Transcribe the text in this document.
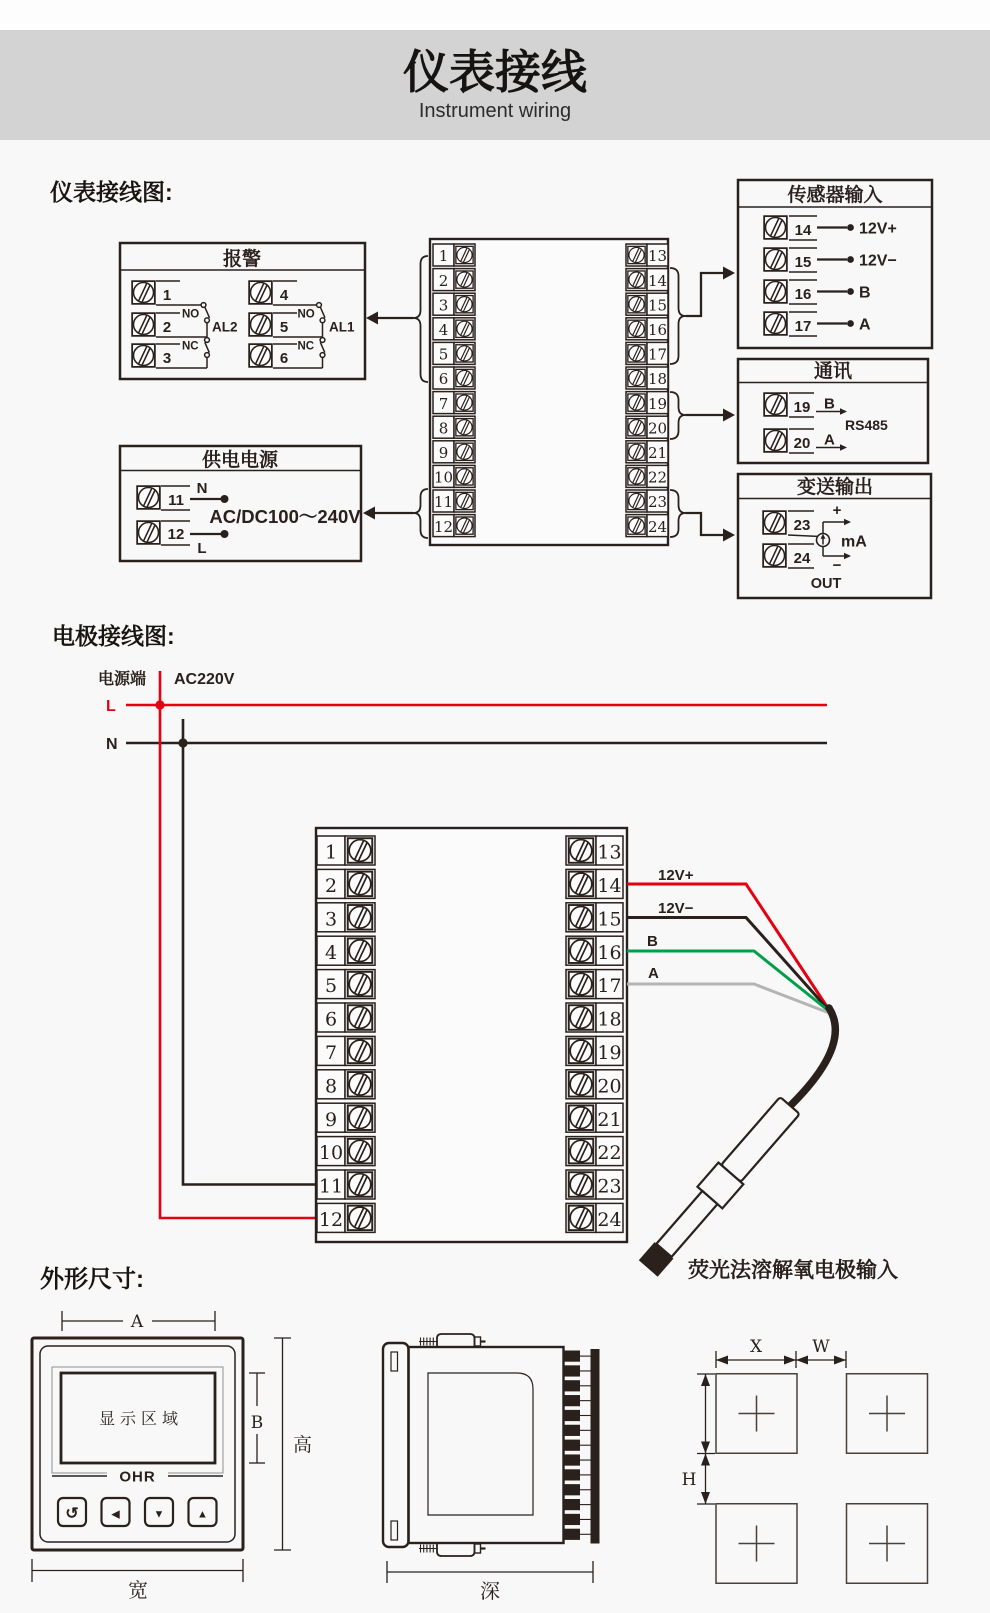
仪表接线
Instrument wiring
仪表接线图:
电极接线图:
外形尺寸:
报警
1
2
3
4
5
6
NO
NC
NO
NC
AL2	AL1
供电电源
11
12
N
L
AC/DC100～240V
1
2
3
4
5
6
7
8
9
10
11
12
13
14
15
16
17
18
19
20
21
22
23
24
传感器输入
14
15
16
17
12V+
12V−
B
A
通讯
19
20
B
A
RS485
变送输出
23
24
+
−
mA
OUT
电源端 AC220V
L
N
1
2
3
4
5
6
7
8
9
10
11
12
13
14
15
16
17
18
19
20
21
22
23
24
12V+
12V−
B
A
荧光法溶解氧电极输入
A
显示区域
OHR
↺	◀	▼	▲
B
高
宽	深
X	W
H
